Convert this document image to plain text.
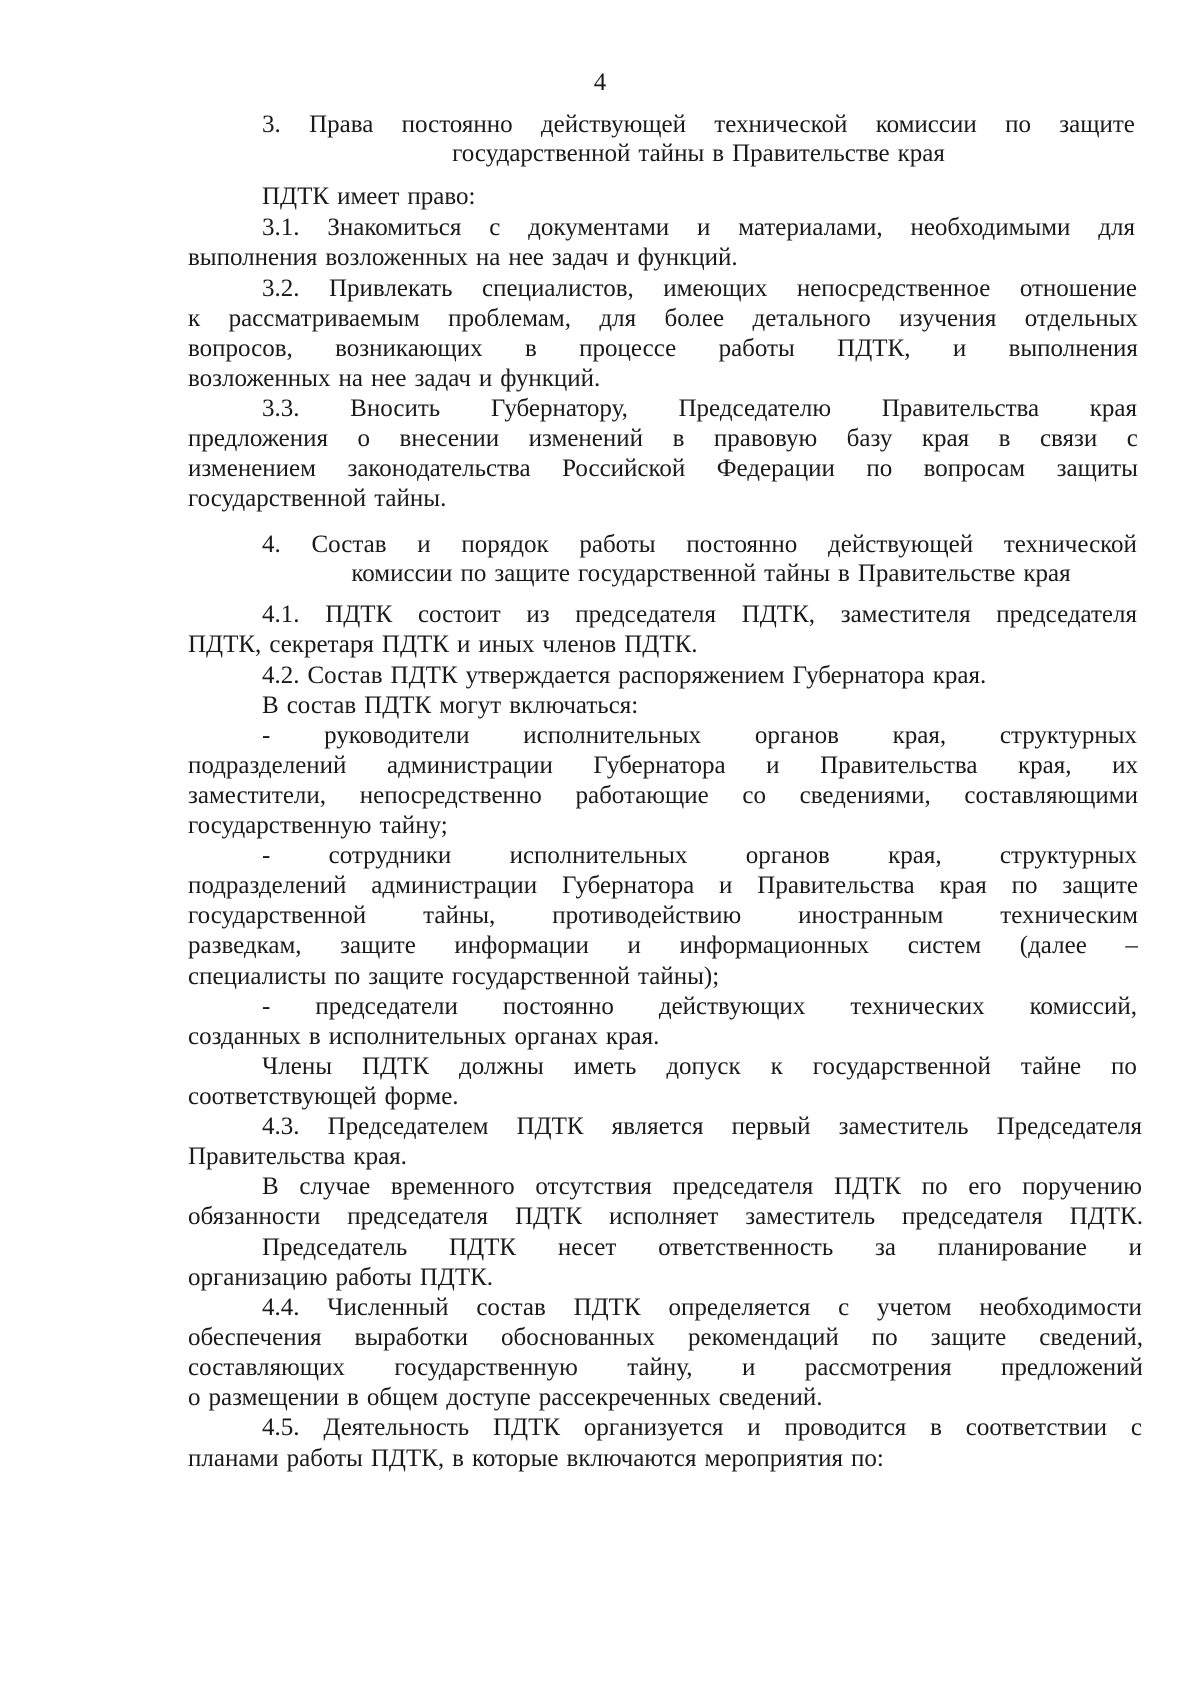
4
3. Права постоянно действующей технической комиссии по защите
государственной тайны в Правительстве края
ПДТК имеет право:
3.1. Знакомиться с документами и материалами, необходимыми для
выполнения возложенных на нее задач и функций.
3.2. Привлекать специалистов, имеющих непосредственное отношение
к рассматриваемым проблемам, для более детального изучения отдельных
вопросов, возникающих в процессе работы ПДТК, и выполнения
возложенных на нее задач и функций.
3.3. Вносить Губернатору, Председателю Правительства края
предложения о внесении изменений в правовую базу края в связи с
изменением законодательства Российской Федерации по вопросам защиты
государственной тайны.
4. Состав и порядок работы постоянно действующей технической
комиссии по защите государственной тайны в Правительстве края
4.1. ПДТК состоит из председателя ПДТК, заместителя председателя
ПДТК, секретаря ПДТК и иных членов ПДТК.
4.2. Состав ПДТК утверждается распоряжением Губернатора края.
В состав ПДТК могут включаться:
- руководители исполнительных органов края, структурных
подразделений администрации Губернатора и Правительства края, их
заместители, непосредственно работающие со сведениями, составляющими
государственную тайну;
- сотрудники исполнительных органов края, структурных
подразделений администрации Губернатора и Правительства края по защите
государственной тайны, противодействию иностранным техническим
разведкам, защите информации и информационных систем (далее –
специалисты по защите государственной тайны);
- председатели постоянно действующих технических комиссий,
созданных в исполнительных органах края.
Члены ПДТК должны иметь допуск к государственной тайне по
соответствующей форме.
4.3. Председателем ПДТК является первый заместитель Председателя
Правительства края.
В случае временного отсутствия председателя ПДТК по его поручению
обязанности председателя ПДТК исполняет заместитель председателя ПДТК.
Председатель ПДТК несет ответственность за планирование и
организацию работы ПДТК.
4.4. Численный состав ПДТК определяется с учетом необходимости
обеспечения выработки обоснованных рекомендаций по защите сведений,
составляющих государственную тайну, и рассмотрения предложений
о размещении в общем доступе рассекреченных сведений.
4.5. Деятельность ПДТК организуется и проводится в соответствии с
планами работы ПДТК, в которые включаются мероприятия по:
